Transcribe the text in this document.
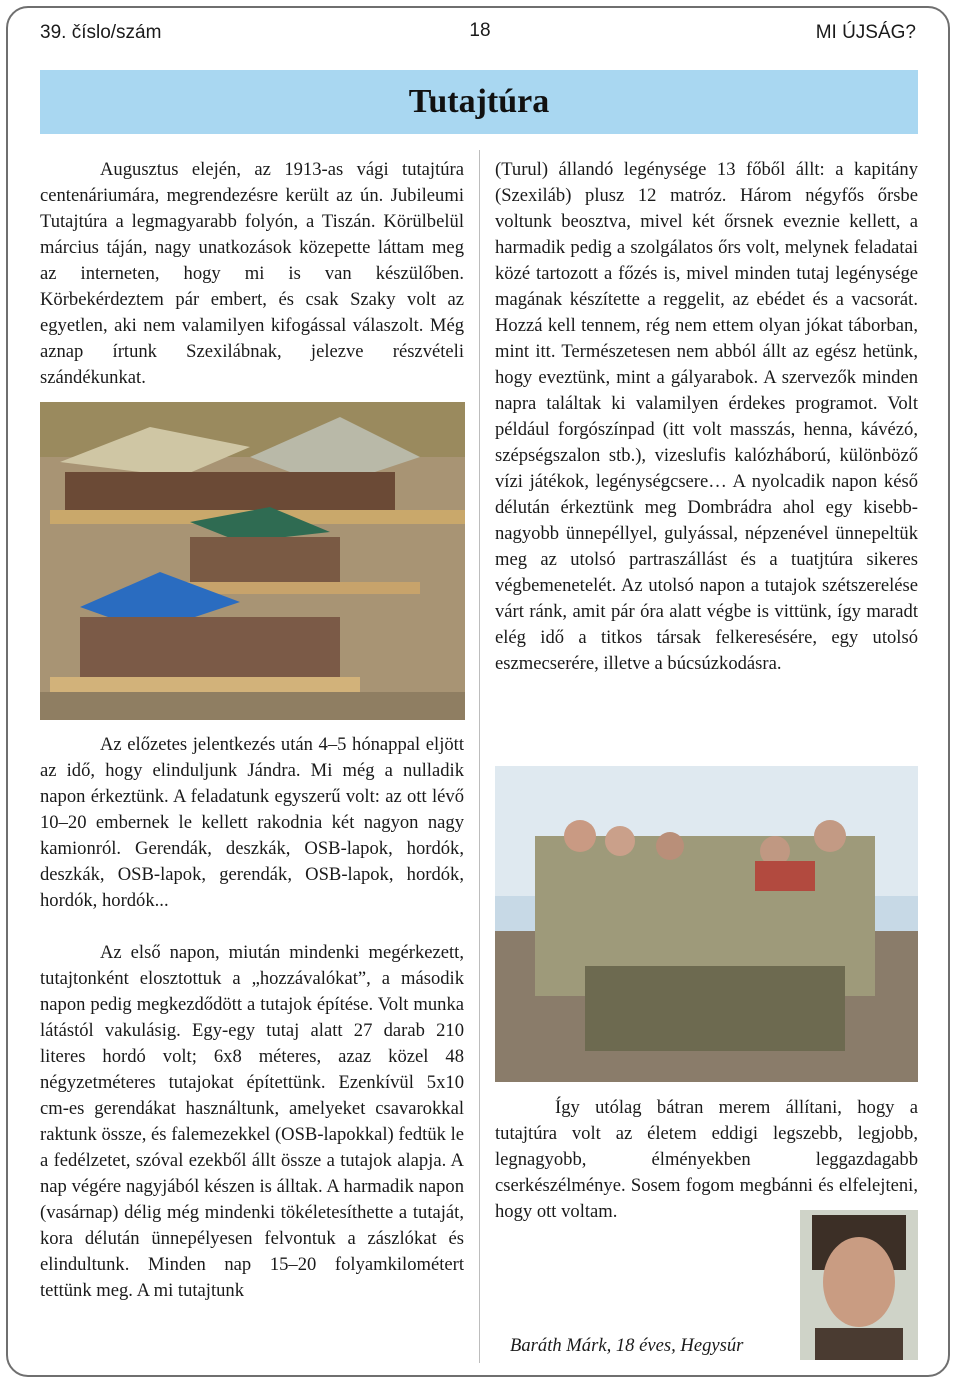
39. číslo/szám	18	MI ÚJSÁG?
Tutajtúra

Augusztus elején, az 1913-as vági tutajtúra centenáriumára, megrendezésre került az ún. Jubileumi Tutajtúra a legmagyarabb folyón, a Tiszán. Körülbelül március táján, nagy unatkozások közepette láttam meg az interneten, hogy mi is van készülőben. Körbekérdeztem pár embert, és csak Szaky volt az egyetlen, aki nem valamilyen kifogással válaszolt. Még aznap írtunk Szexilábnak, jelezve részvételi szándékunkat.

Az előzetes jelentkezés után 4–5 hónappal eljött az idő, hogy elinduljunk Jándra. Mi még a nulladik napon érkeztünk. A feladatunk egyszerű volt: az ott lévő 10–20 embernek le kellett rakodnia két nagyon nagy kamionról. Gerendák, deszkák, OSB-lapok, hordók, deszkák, OSB-lapok, gerendák, OSB-lapok, hordók, hordók, hordók...

Az első napon, miután mindenki megérkezett, tutajtonként elosztottuk a „hozzávalókat”, a második napon pedig megkezdődött a tutajok építése. Volt munka látástól vakulásig. Egy-egy tutaj alatt 27 darab 210 literes hordó volt; 6x8 méteres, azaz közel 48 négyzetméteres tutajokat építettünk. Ezenkívül 5x10 cm-es gerendákat használtunk, amelyeket csavarokkal raktunk össze, és falemezekkel (OSB-lapokkal) fedtük le a fedélzetet, szóval ezekből állt össze a tutajok alapja. A nap végére nagyjából készen is álltak. A harmadik napon (vasárnap) délig még mindenki tökéletesíthette a tutaját, kora délután ünnepélyesen felvontuk a zászlókat és elindultunk. Minden nap 15–20 folyamkilométert tettünk meg. A mi tutajtunk

(Turul) állandó legénysége 13 főből állt: a kapitány (Szexiláb) plusz 12 matróz. Három négyfős őrsbe voltunk beosztva, mivel két őrsnek eveznie kellett, a harmadik pedig a szolgálatos őrs volt, melynek feladatai közé tartozott a főzés is, mivel minden tutaj legénysége magának készítette a reggelit, az ebédet és a vacsorát. Hozzá kell tennem, rég nem ettem olyan jókat táborban, mint itt. Természetesen nem abból állt az egész hetünk, hogy eveztünk, mint a gályarabok. A szervezők minden napra találtak ki valamilyen érdekes programot. Volt például forgószínpad (itt volt masszás, henna, kávézó, szépségszalon stb.), vizeslufis kalózháború, különböző vízi játékok, legénységcsere… A nyolcadik napon késő délután érkeztünk meg Dombrádra ahol egy kisebb-nagyobb ünnepéllyel, gulyással, népzenével ünnepeltük meg az utolsó partraszállást és a tuatjtúra sikeres végbemenetelét. Az utolsó napon a tutajok szétszerelése várt ránk, amit pár óra alatt végbe is vittünk, így maradt elég idő a titkos társak felkeresésére, egy utolsó eszmecserére, illetve a búcsúzkodásra.

Így utólag bátran merem állítani, hogy a tutajtúra volt az életem eddigi legszebb, legjobb, legnagyobb, élményekben leggazdagabb cserkészélménye. Sosem fogom megbánni és elfelejteni, hogy ott voltam.

Baráth Márk, 18 éves, Hegysúr
